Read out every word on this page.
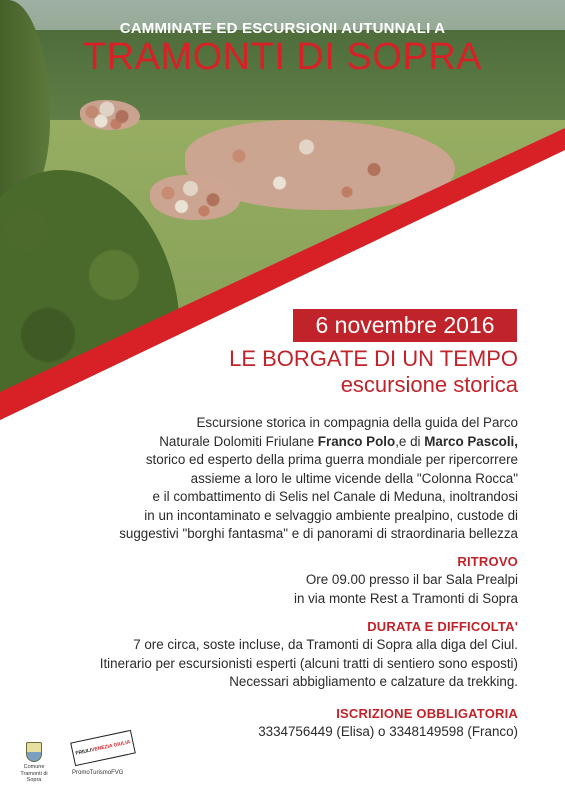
CAMMINATE ED ESCURSIONI AUTUNNALI A
TRAMONTI DI SOPRA
6 novembre 2016
LE BORGATE DI UN TEMPO
escursione storica
Escursione storica in compagnia della guida del Parco
Naturale Dolomiti Friulane Franco Polo,e di Marco Pascoli,
storico ed esperto della prima guerra mondiale per ripercorrere
assieme a loro le ultime vicende della "Colonna Rocca"
e il combattimento di Selis nel Canale di Meduna, inoltrandosi
in un incontaminato e selvaggio ambiente prealpino, custode di
suggestivi "borghi fantasma" e di panorami di straordinaria bellezza
RITROVO
Ore 09.00 presso il bar Sala Prealpi
in via monte Rest a Tramonti di Sopra
DURATA E DIFFICOLTA'
7 ore circa, soste incluse, da Tramonti di Sopra alla diga del Ciul.
Itinerario per escursionisti esperti (alcuni tratti di sentiero sono esposti)
Necessari abbigliamento e calzature da trekking.
ISCRIZIONE OBBLIGATORIA
3334756449 (Elisa) o 3348149598 (Franco)
Comune
Tramonti di Sopra
FRIULIVENEZIA GIULIA
PromoTurismoFVG
